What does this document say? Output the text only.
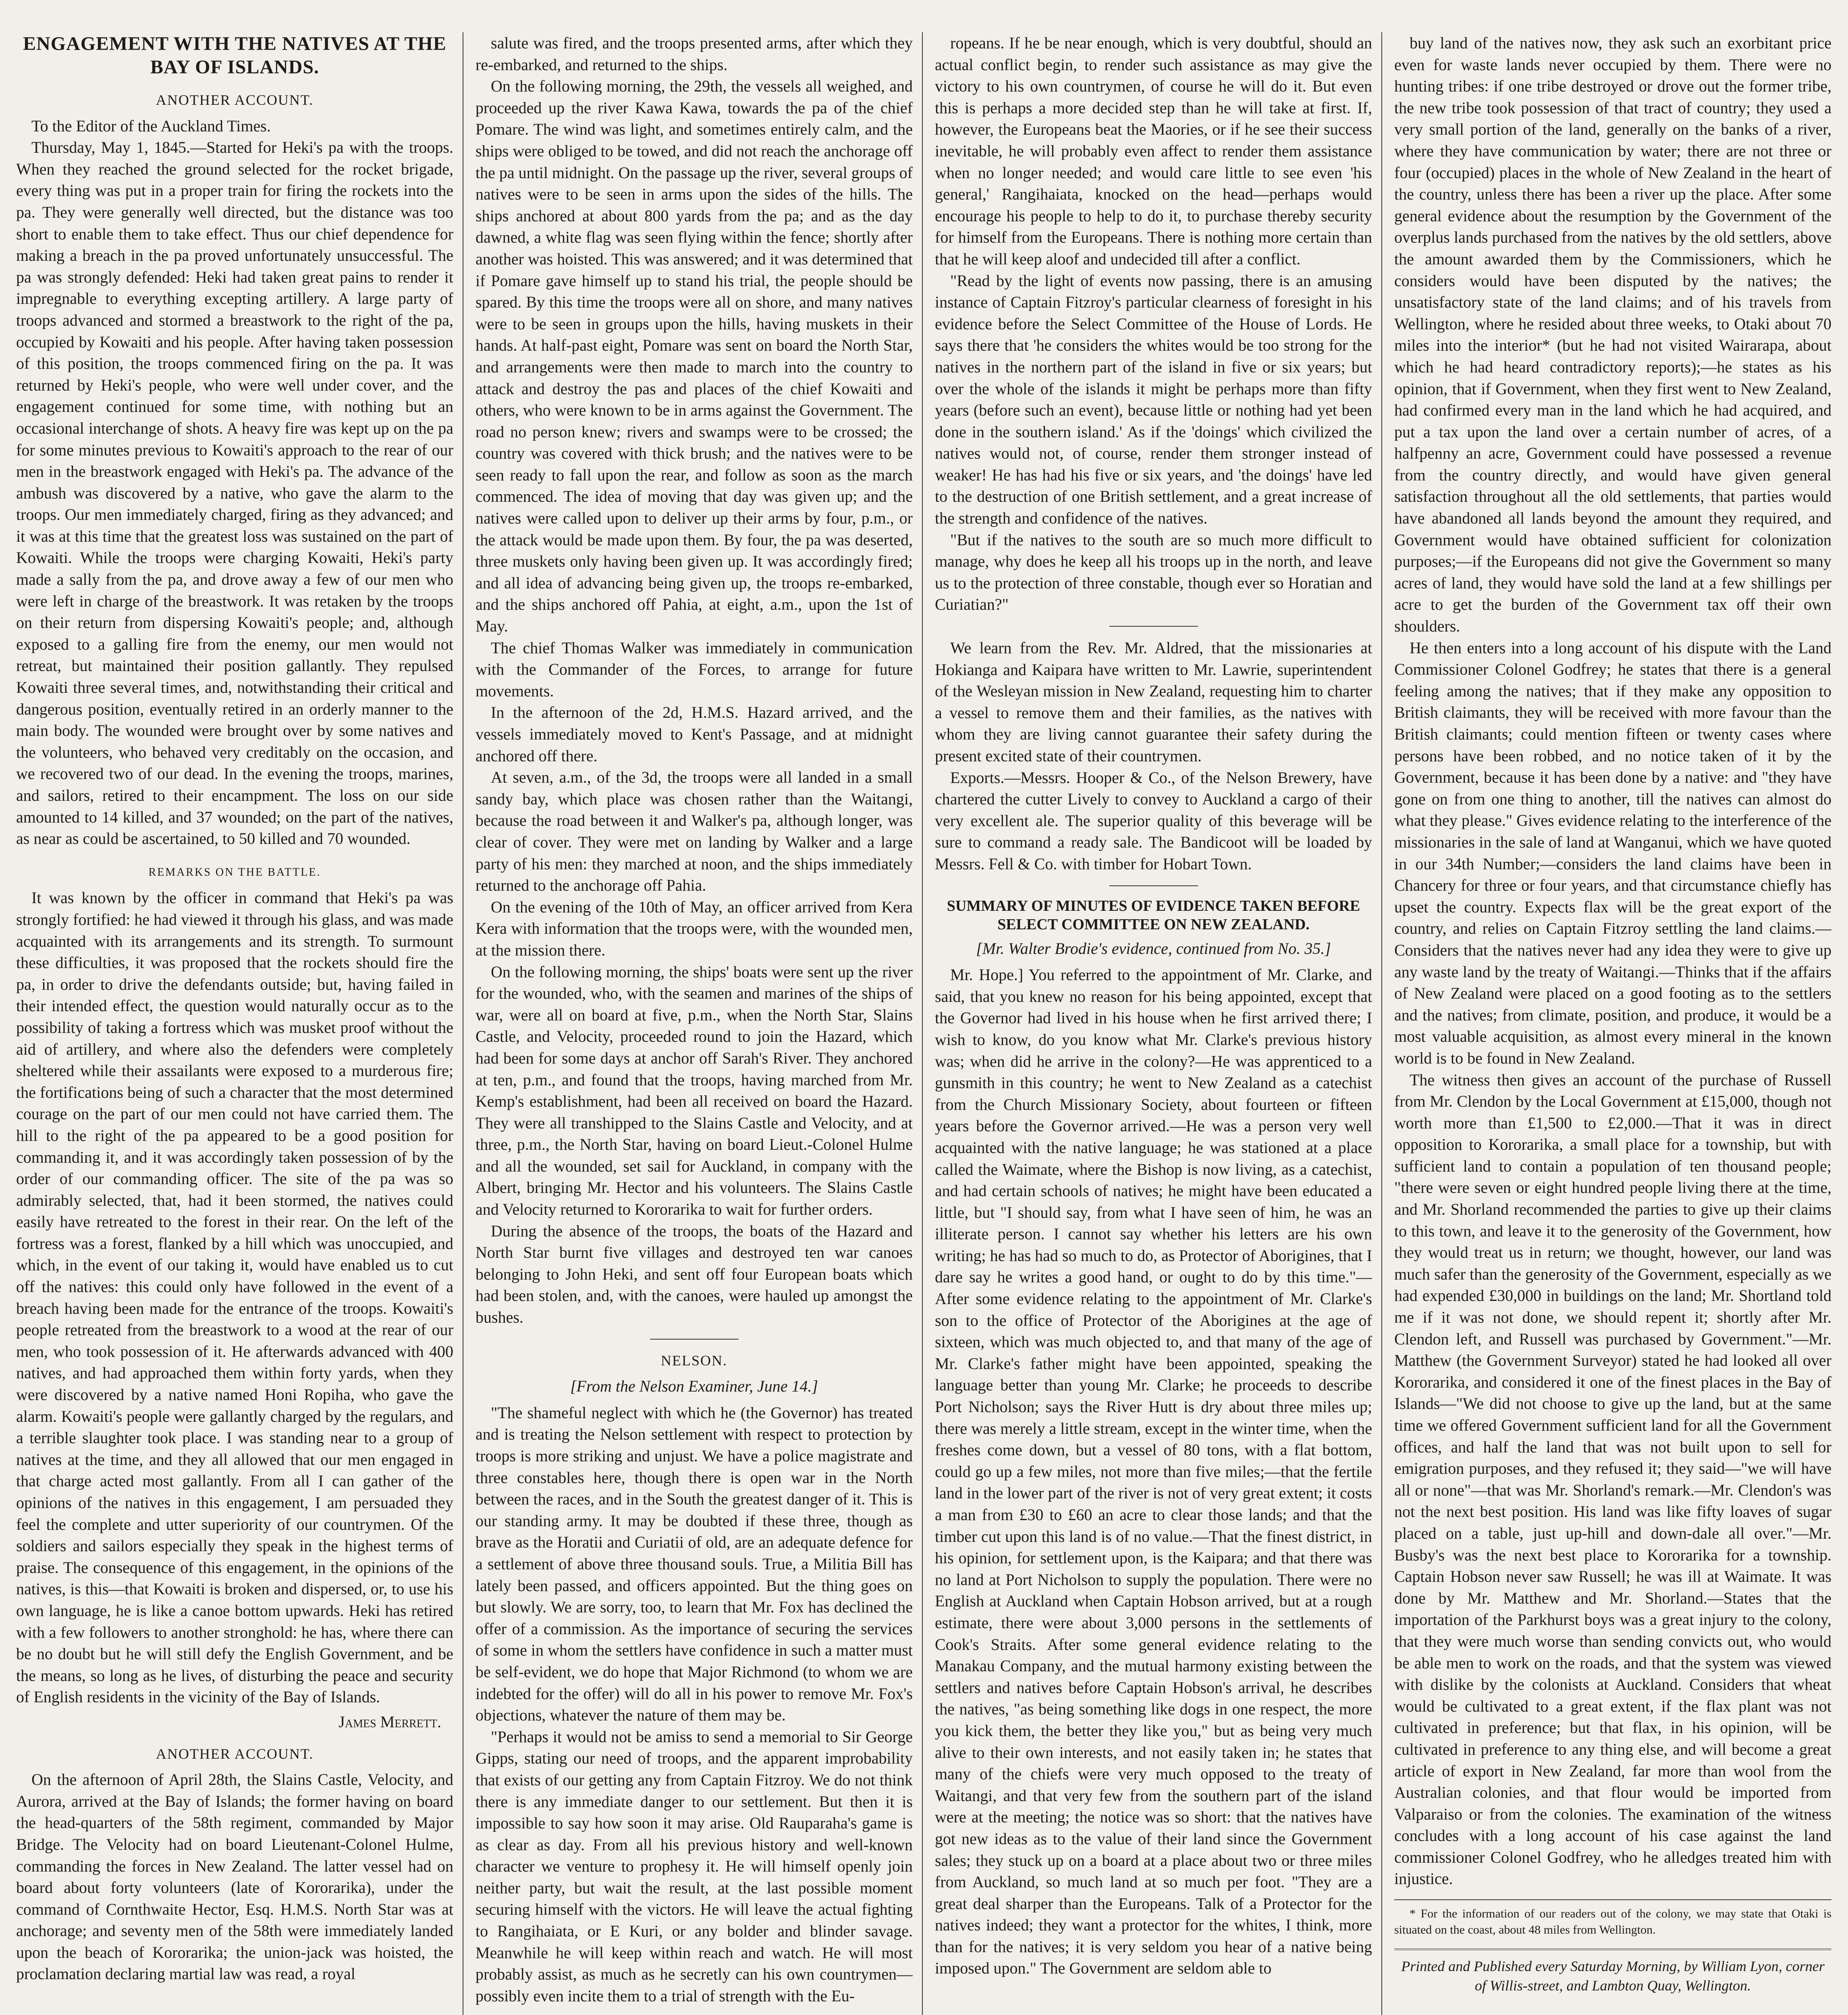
ENGAGEMENT WITH THE NATIVES AT THE BAY OF ISLANDS.
ANOTHER ACCOUNT.

To the Editor of the Auckland Times.

Thursday, May 1, 1845.—Started for Heki's pa with the troops. When they reached the ground selected for the rocket brigade, every thing was put in a proper train for firing the rockets into the pa. They were generally well directed, but the distance was too short to enable them to take effect. Thus our chief dependence for making a breach in the pa proved unfortunately unsuccessful. The pa was strongly defended: Heki had taken great pains to render it impregnable to everything excepting artillery. A large party of troops advanced and stormed a breastwork to the right of the pa, occupied by Kowaiti and his people. After having taken possession of this position, the troops commenced firing on the pa. It was returned by Heki's people, who were well under cover, and the engagement continued for some time, with nothing but an occasional interchange of shots. A heavy fire was kept up on the pa for some minutes previous to Kowaiti's approach to the rear of our men in the breastwork engaged with Heki's pa. The advance of the ambush was discovered by a native, who gave the alarm to the troops. Our men immediately charged, firing as they advanced; and it was at this time that the greatest loss was sustained on the part of Kowaiti. While the troops were charging Kowaiti, Heki's party made a sally from the pa, and drove away a few of our men who were left in charge of the breastwork. It was retaken by the troops on their return from dispersing Kowaiti's people; and, although exposed to a galling fire from the enemy, our men would not retreat, but maintained their position gallantly. They repulsed Kowaiti three several times, and, notwithstanding their critical and dangerous position, eventually retired in an orderly manner to the main body. The wounded were brought over by some natives and the volunteers, who behaved very creditably on the occasion, and we recovered two of our dead. In the evening the troops, marines, and sailors, retired to their encampment. The loss on our side amounted to 14 killed, and 37 wounded; on the part of the natives, as near as could be ascertained, to 50 killed and 70 wounded.

REMARKS ON THE BATTLE.

It was known by the officer in command that Heki's pa was strongly fortified: he had viewed it through his glass, and was made acquainted with its arrangements and its strength. To surmount these difficulties, it was proposed that the rockets should fire the pa, in order to drive the defendants outside; but, having failed in their intended effect, the question would naturally occur as to the possibility of taking a fortress which was musket proof without the aid of artillery, and where also the defenders were completely sheltered while their assailants were exposed to a murderous fire; the fortifications being of such a character that the most determined courage on the part of our men could not have carried them. The hill to the right of the pa appeared to be a good position for commanding it, and it was accordingly taken possession of by the order of our commanding officer. The site of the pa was so admirably selected, that, had it been stormed, the natives could easily have retreated to the forest in their rear. On the left of the fortress was a forest, flanked by a hill which was unoccupied, and which, in the event of our taking it, would have enabled us to cut off the natives: this could only have followed in the event of a breach having been made for the entrance of the troops. Kowaiti's people retreated from the breastwork to a wood at the rear of our men, who took possession of it. He afterwards advanced with 400 natives, and had approached them within forty yards, when they were discovered by a native named Honi Ropiha, who gave the alarm. Kowaiti's people were gallantly charged by the regulars, and a terrible slaughter took place. I was standing near to a group of natives at the time, and they all allowed that our men engaged in that charge acted most gallantly. From all I can gather of the opinions of the natives in this engagement, I am persuaded they feel the complete and utter superiority of our countrymen. Of the soldiers and sailors especially they speak in the highest terms of praise. The consequence of this engagement, in the opinions of the natives, is this—that Kowaiti is broken and dispersed, or, to use his own language, he is like a canoe bottom upwards. Heki has retired with a few followers to another stronghold: he has, where there can be no doubt but he will still defy the English Government, and be the means, so long as he lives, of disturbing the peace and security of English residents in the vicinity of the Bay of Islands.

James Merrett.

ANOTHER ACCOUNT.

On the afternoon of April 28th, the Slains Castle, Velocity, and Aurora, arrived at the Bay of Islands; the former having on board the head-quarters of the 58th regiment, commanded by Major Bridge. The Velocity had on board Lieutenant-Colonel Hulme, commanding the forces in New Zealand. The latter vessel had on board about forty volunteers (late of Kororarika), under the command of Cornthwaite Hector, Esq. H.M.S. North Star was at anchorage; and seventy men of the 58th were immediately landed upon the beach of Kororarika; the union-jack was hoisted, the proclamation declaring martial law was read, a royal

salute was fired, and the troops presented arms, after which they re-embarked, and returned to the ships.

On the following morning, the 29th, the vessels all weighed, and proceeded up the river Kawa Kawa, towards the pa of the chief Pomare. The wind was light, and sometimes entirely calm, and the ships were obliged to be towed, and did not reach the anchorage off the pa until midnight. On the passage up the river, several groups of natives were to be seen in arms upon the sides of the hills. The ships anchored at about 800 yards from the pa; and as the day dawned, a white flag was seen flying within the fence; shortly after another was hoisted. This was answered; and it was determined that if Pomare gave himself up to stand his trial, the people should be spared. By this time the troops were all on shore, and many natives were to be seen in groups upon the hills, having muskets in their hands. At half-past eight, Pomare was sent on board the North Star, and arrangements were then made to march into the country to attack and destroy the pas and places of the chief Kowaiti and others, who were known to be in arms against the Government. The road no person knew; rivers and swamps were to be crossed; the country was covered with thick brush; and the natives were to be seen ready to fall upon the rear, and follow as soon as the march commenced. The idea of moving that day was given up; and the natives were called upon to deliver up their arms by four, p.m., or the attack would be made upon them. By four, the pa was deserted, three muskets only having been given up. It was accordingly fired; and all idea of advancing being given up, the troops re-embarked, and the ships anchored off Pahia, at eight, a.m., upon the 1st of May.

The chief Thomas Walker was immediately in communication with the Commander of the Forces, to arrange for future movements.

In the afternoon of the 2d, H.M.S. Hazard arrived, and the vessels immediately moved to Kent's Passage, and at midnight anchored off there.

At seven, a.m., of the 3d, the troops were all landed in a small sandy bay, which place was chosen rather than the Waitangi, because the road between it and Walker's pa, although longer, was clear of cover. They were met on landing by Walker and a large party of his men: they marched at noon, and the ships immediately returned to the anchorage off Pahia.

On the evening of the 10th of May, an officer arrived from Kera Kera with information that the troops were, with the wounded men, at the mission there.

On the following morning, the ships' boats were sent up the river for the wounded, who, with the seamen and marines of the ships of war, were all on board at five, p.m., when the North Star, Slains Castle, and Velocity, proceeded round to join the Hazard, which had been for some days at anchor off Sarah's River. They anchored at ten, p.m., and found that the troops, having marched from Mr. Kemp's establishment, had been all received on board the Hazard. They were all transhipped to the Slains Castle and Velocity, and at three, p.m., the North Star, having on board Lieut.-Colonel Hulme and all the wounded, set sail for Auckland, in company with the Albert, bringing Mr. Hector and his volunteers. The Slains Castle and Velocity returned to Kororarika to wait for further orders.

During the absence of the troops, the boats of the Hazard and North Star burnt five villages and destroyed ten war canoes belonging to John Heki, and sent off four European boats which had been stolen, and, with the canoes, were hauled up amongst the bushes.

NELSON.

[From the Nelson Examiner, June 14.]

"The shameful neglect with which he (the Governor) has treated and is treating the Nelson settlement with respect to protection by troops is more striking and unjust. We have a police magistrate and three constables here, though there is open war in the North between the races, and in the South the greatest danger of it. This is our standing army. It may be doubted if these three, though as brave as the Horatii and Curiatii of old, are an adequate defence for a settlement of above three thousand souls. True, a Militia Bill has lately been passed, and officers appointed. But the thing goes on but slowly. We are sorry, too, to learn that Mr. Fox has declined the offer of a commission. As the importance of securing the services of some in whom the settlers have confidence in such a matter must be self-evident, we do hope that Major Richmond (to whom we are indebted for the offer) will do all in his power to remove Mr. Fox's objections, whatever the nature of them may be.

"Perhaps it would not be amiss to send a memorial to Sir George Gipps, stating our need of troops, and the apparent improbability that exists of our getting any from Captain Fitzroy. We do not think there is any immediate danger to our settlement. But then it is impossible to say how soon it may arise. Old Rauparaha's game is as clear as day. From all his previous history and well-known character we venture to prophesy it. He will himself openly join neither party, but wait the result, at the last possible moment securing himself with the victors. He will leave the actual fighting to Rangihaiata, or E Kuri, or any bolder and blinder savage. Meanwhile he will keep within reach and watch. He will most probably assist, as much as he secretly can his own countrymen—possibly even incite them to a trial of strength with the Eu-

ropeans. If he be near enough, which is very doubtful, should an actual conflict begin, to render such assistance as may give the victory to his own countrymen, of course he will do it. But even this is perhaps a more decided step than he will take at first. If, however, the Europeans beat the Maories, or if he see their success inevitable, he will probably even affect to render them assistance when no longer needed; and would care little to see even 'his general,' Rangihaiata, knocked on the head—perhaps would encourage his people to help to do it, to purchase thereby security for himself from the Europeans. There is nothing more certain than that he will keep aloof and undecided till after a conflict.

"Read by the light of events now passing, there is an amusing instance of Captain Fitzroy's particular clearness of foresight in his evidence before the Select Committee of the House of Lords. He says there that 'he considers the whites would be too strong for the natives in the northern part of the island in five or six years; but over the whole of the islands it might be perhaps more than fifty years (before such an event), because little or nothing had yet been done in the southern island.' As if the 'doings' which civilized the natives would not, of course, render them stronger instead of weaker! He has had his five or six years, and 'the doings' have led to the destruction of one British settlement, and a great increase of the strength and confidence of the natives.

"But if the natives to the south are so much more difficult to manage, why does he keep all his troops up in the north, and leave us to the protection of three constable, though ever so Horatian and Curiatian?"

We learn from the Rev. Mr. Aldred, that the missionaries at Hokianga and Kaipara have written to Mr. Lawrie, superintendent of the Wesleyan mission in New Zealand, requesting him to charter a vessel to remove them and their families, as the natives with whom they are living cannot guarantee their safety during the present excited state of their countrymen.

Exports.—Messrs. Hooper & Co., of the Nelson Brewery, have chartered the cutter Lively to convey to Auckland a cargo of their very excellent ale. The superior quality of this beverage will be sure to command a ready sale. The Bandicoot will be loaded by Messrs. Fell & Co. with timber for Hobart Town.

SUMMARY OF MINUTES OF EVIDENCE TAKEN BEFORE SELECT COMMITTEE ON NEW ZEALAND.

[Mr. Walter Brodie's evidence, continued from No. 35.]

Mr. Hope.] You referred to the appointment of Mr. Clarke, and said, that you knew no reason for his being appointed, except that the Governor had lived in his house when he first arrived there; I wish to know, do you know what Mr. Clarke's previous history was; when did he arrive in the colony?—He was apprenticed to a gunsmith in this country; he went to New Zealand as a catechist from the Church Missionary Society, about fourteen or fifteen years before the Governor arrived.—He was a person very well acquainted with the native language; he was stationed at a place called the Waimate, where the Bishop is now living, as a catechist, and had certain schools of natives; he might have been educated a little, but "I should say, from what I have seen of him, he was an illiterate person. I cannot say whether his letters are his own writing; he has had so much to do, as Protector of Aborigines, that I dare say he writes a good hand, or ought to do by this time."—After some evidence relating to the appointment of Mr. Clarke's son to the office of Protector of the Aborigines at the age of sixteen, which was much objected to, and that many of the age of Mr. Clarke's father might have been appointed, speaking the language better than young Mr. Clarke; he proceeds to describe Port Nicholson; says the River Hutt is dry about three miles up; there was merely a little stream, except in the winter time, when the freshes come down, but a vessel of 80 tons, with a flat bottom, could go up a few miles, not more than five miles;—that the fertile land in the lower part of the river is not of very great extent; it costs a man from £30 to £60 an acre to clear those lands; and that the timber cut upon this land is of no value.—That the finest district, in his opinion, for settlement upon, is the Kaipara; and that there was no land at Port Nicholson to supply the population. There were no English at Auckland when Captain Hobson arrived, but at a rough estimate, there were about 3,000 persons in the settlements of Cook's Straits. After some general evidence relating to the Manakau Company, and the mutual harmony existing between the settlers and natives before Captain Hobson's arrival, he describes the natives, "as being something like dogs in one respect, the more you kick them, the better they like you," but as being very much alive to their own interests, and not easily taken in; he states that many of the chiefs were very much opposed to the treaty of Waitangi, and that very few from the southern part of the island were at the meeting; the notice was so short: that the natives have got new ideas as to the value of their land since the Government sales; they stuck up on a board at a place about two or three miles from Auckland, so much land at so much per foot. "They are a great deal sharper than the Europeans. Talk of a Protector for the natives indeed; they want a protector for the whites, I think, more than for the natives; it is very seldom you hear of a native being imposed upon." The Government are seldom able to

buy land of the natives now, they ask such an exorbitant price even for waste lands never occupied by them. There were no hunting tribes: if one tribe destroyed or drove out the former tribe, the new tribe took possession of that tract of country; they used a very small portion of the land, generally on the banks of a river, where they have communication by water; there are not three or four (occupied) places in the whole of New Zealand in the heart of the country, unless there has been a river up the place. After some general evidence about the resumption by the Government of the overplus lands purchased from the natives by the old settlers, above the amount awarded them by the Commissioners, which he considers would have been disputed by the natives; the unsatisfactory state of the land claims; and of his travels from Wellington, where he resided about three weeks, to Otaki about 70 miles into the interior* (but he had not visited Wairarapa, about which he had heard contradictory reports);—he states as his opinion, that if Government, when they first went to New Zealand, had confirmed every man in the land which he had acquired, and put a tax upon the land over a certain number of acres, of a halfpenny an acre, Government could have possessed a revenue from the country directly, and would have given general satisfaction throughout all the old settlements, that parties would have abandoned all lands beyond the amount they required, and Government would have obtained sufficient for colonization purposes;—if the Europeans did not give the Government so many acres of land, they would have sold the land at a few shillings per acre to get the burden of the Government tax off their own shoulders.

He then enters into a long account of his dispute with the Land Commissioner Colonel Godfrey; he states that there is a general feeling among the natives; that if they make any opposition to British claimants, they will be received with more favour than the British claimants; could mention fifteen or twenty cases where persons have been robbed, and no notice taken of it by the Government, because it has been done by a native: and "they have gone on from one thing to another, till the natives can almost do what they please." Gives evidence relating to the interference of the missionaries in the sale of land at Wanganui, which we have quoted in our 34th Number;—considers the land claims have been in Chancery for three or four years, and that circumstance chiefly has upset the country. Expects flax will be the great export of the country, and relies on Captain Fitzroy settling the land claims.—Considers that the natives never had any idea they were to give up any waste land by the treaty of Waitangi.—Thinks that if the affairs of New Zealand were placed on a good footing as to the settlers and the natives; from climate, position, and produce, it would be a most valuable acquisition, as almost every mineral in the known world is to be found in New Zealand.

The witness then gives an account of the purchase of Russell from Mr. Clendon by the Local Government at £15,000, though not worth more than £1,500 to £2,000.—That it was in direct opposition to Kororarika, a small place for a township, but with sufficient land to contain a population of ten thousand people; "there were seven or eight hundred people living there at the time, and Mr. Shorland recommended the parties to give up their claims to this town, and leave it to the generosity of the Government, how they would treat us in return; we thought, however, our land was much safer than the generosity of the Government, especially as we had expended £30,000 in buildings on the land; Mr. Shortland told me if it was not done, we should repent it; shortly after Mr. Clendon left, and Russell was purchased by Government."—Mr. Matthew (the Government Surveyor) stated he had looked all over Kororarika, and considered it one of the finest places in the Bay of Islands—"We did not choose to give up the land, but at the same time we offered Government sufficient land for all the Government offices, and half the land that was not built upon to sell for emigration purposes, and they refused it; they said—"we will have all or none"—that was Mr. Shorland's remark.—Mr. Clendon's was not the next best position. His land was like fifty loaves of sugar placed on a table, just up-hill and down-dale all over."—Mr. Busby's was the next best place to Kororarika for a township. Captain Hobson never saw Russell; he was ill at Waimate. It was done by Mr. Matthew and Mr. Shorland.—States that the importation of the Parkhurst boys was a great injury to the colony, that they were much worse than sending convicts out, who would be able men to work on the roads, and that the system was viewed with dislike by the colonists at Auckland. Considers that wheat would be cultivated to a great extent, if the flax plant was not cultivated in preference; but that flax, in his opinion, will be cultivated in preference to any thing else, and will become a great article of export in New Zealand, far more than wool from the Australian colonies, and that flour would be imported from Valparaiso or from the colonies. The examination of the witness concludes with a long account of his case against the land commissioner Colonel Godfrey, who he alledges treated him with injustice.

* For the information of our readers out of the colony, we may state that Otaki is situated on the coast, about 48 miles from Wellington.

Printed and Published every Saturday Morning, by William Lyon, corner of Willis-street, and Lambton Quay, Wellington.
